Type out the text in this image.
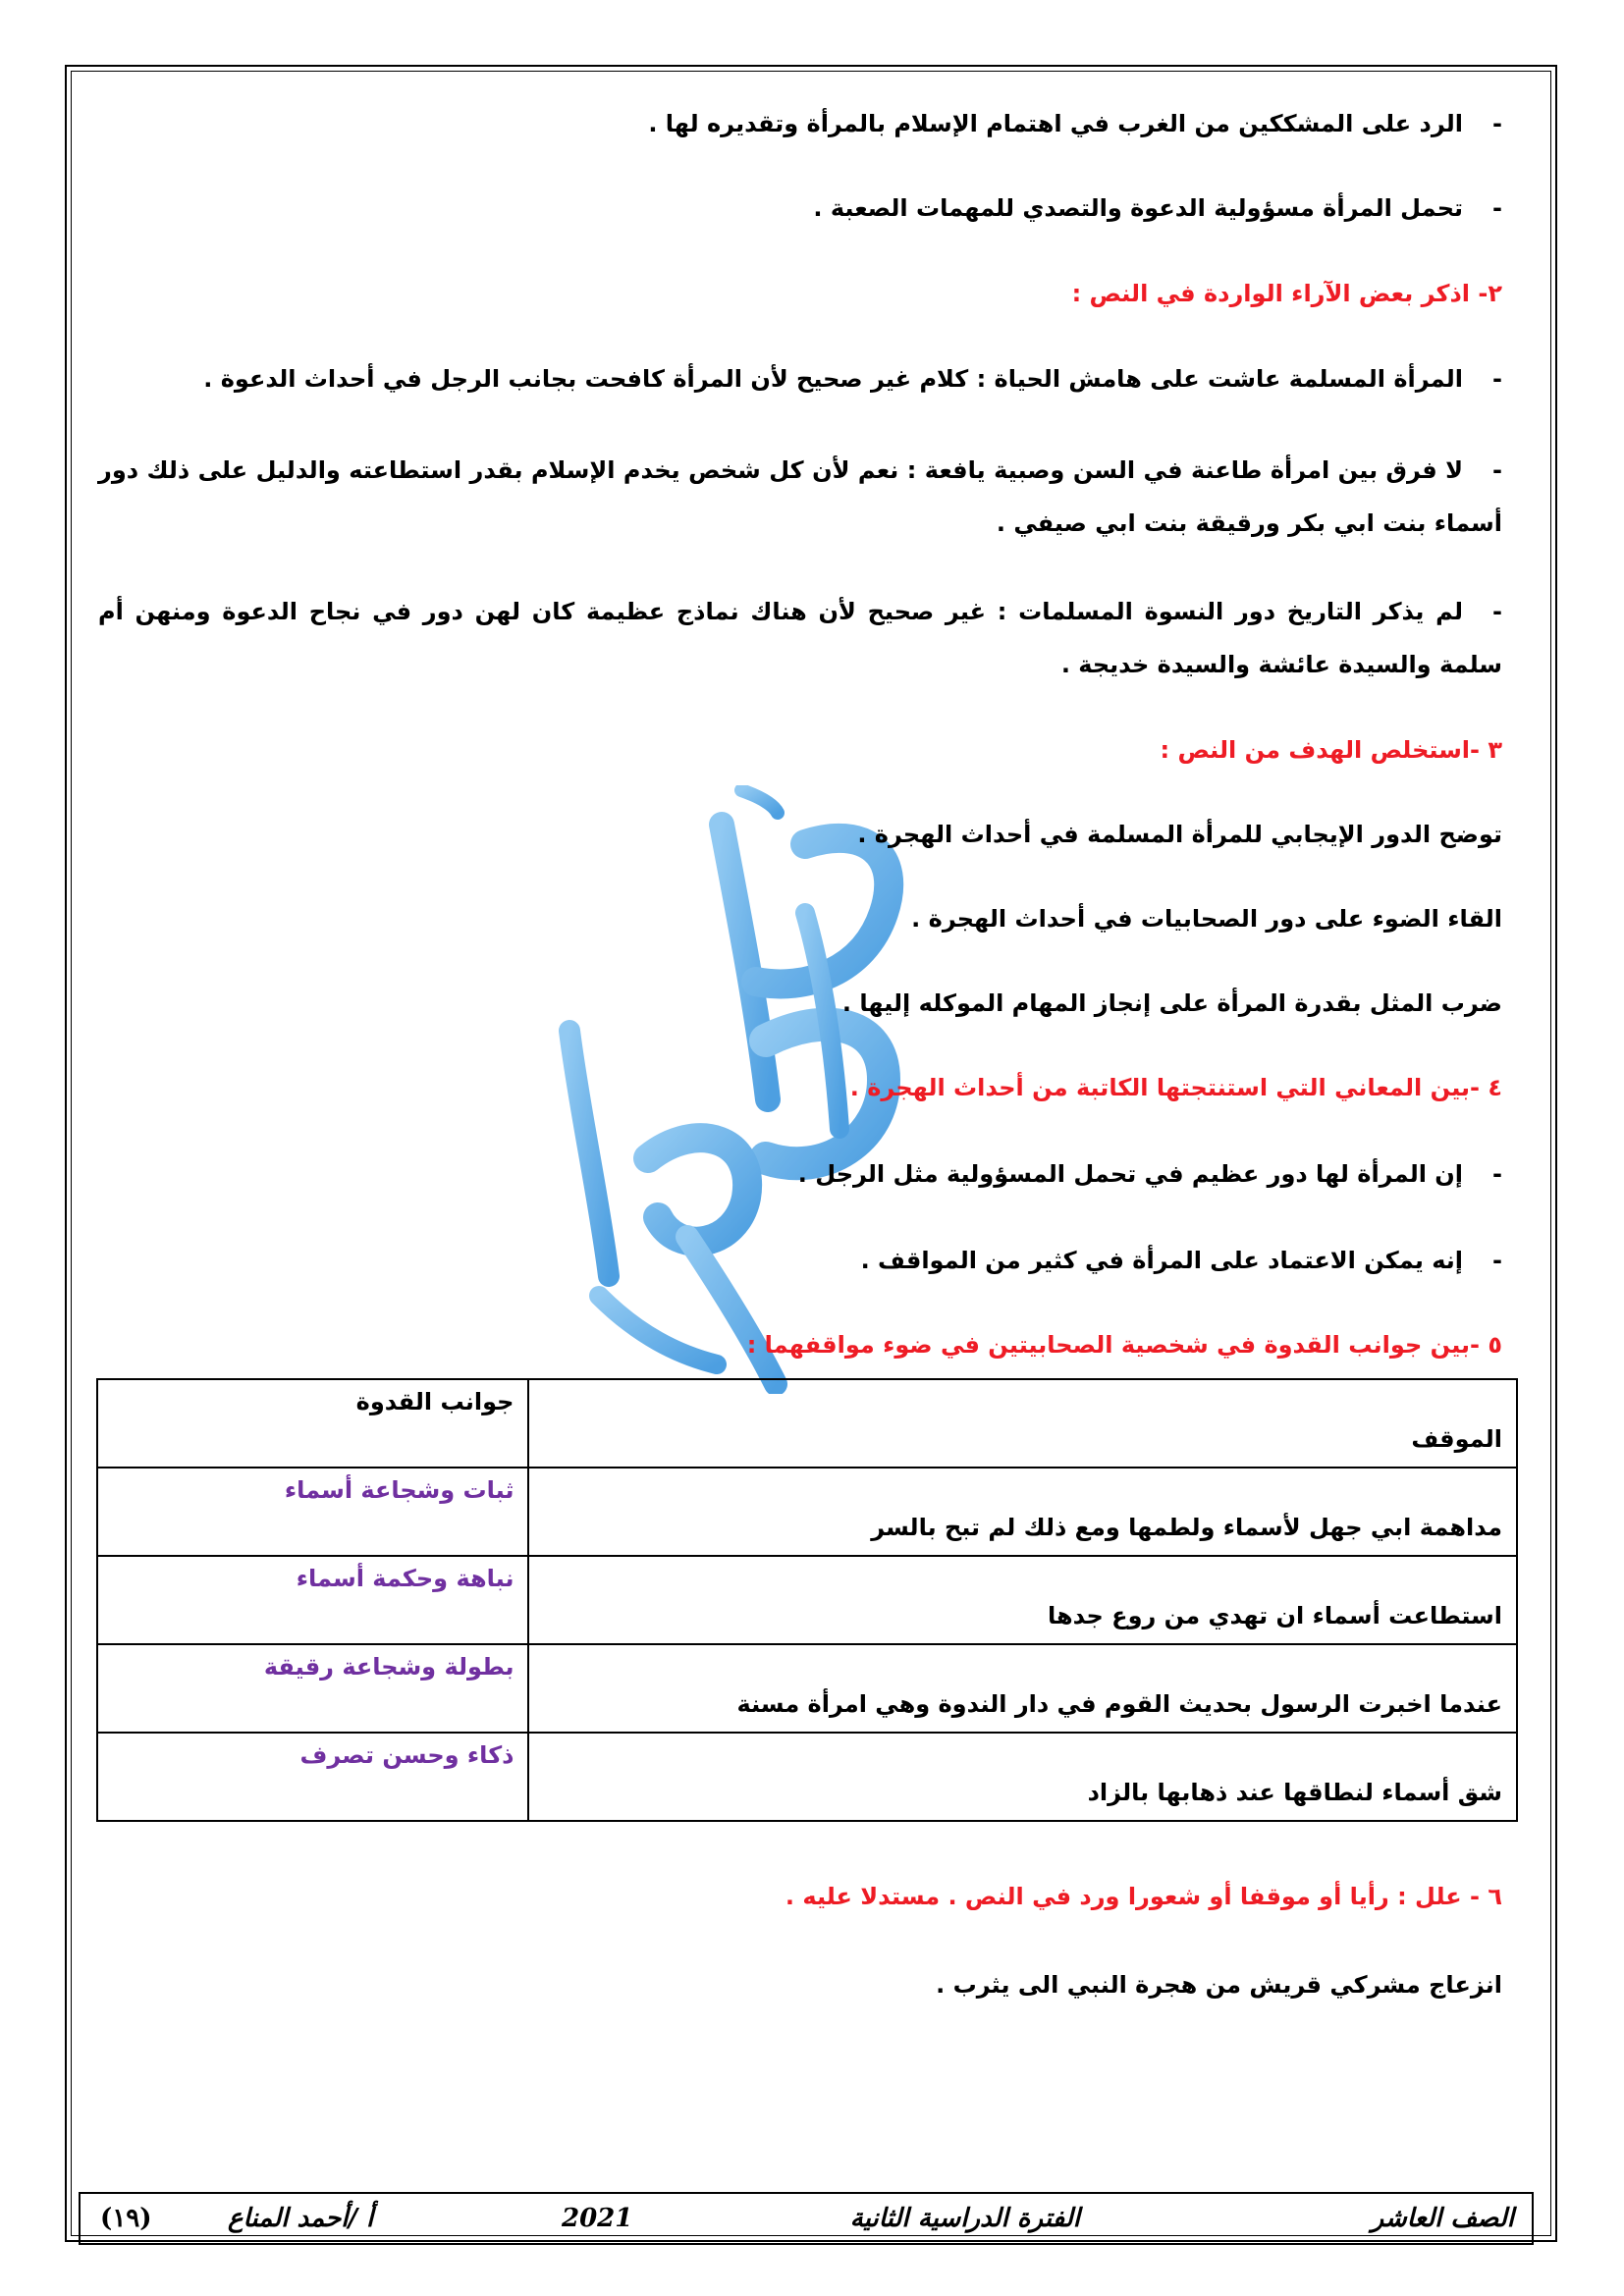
-الرد على المشككين من الغرب في اهتمام الإسلام بالمرأة وتقديره لها .
-تحمل المرأة مسؤولية الدعوة والتصدي للمهمات الصعبة .
٢- اذكر بعض الآراء الواردة في النص :
-المرأة المسلمة عاشت على هامش الحياة : كلام غير صحيح لأن المرأة كافحت بجانب الرجل في أحداث الدعوة .
-لا فرق بين امرأة طاعنة في السن وصبية يافعة : نعم لأن كل شخص يخدم الإسلام بقدر استطاعته والدليل على ذلك دور أسماء بنت ابي بكر ورقيقة بنت ابي صيفي .
-لم يذكر التاريخ دور النسوة المسلمات : غير صحيح لأن هناك نماذج عظيمة كان لهن دور في نجاح الدعوة ومنهن أم سلمة والسيدة عائشة والسيدة خديجة .
٣ -استخلص الهدف من النص :
توضح الدور الإيجابي للمرأة المسلمة في أحداث الهجرة .
القاء الضوء على دور الصحابيات في أحداث الهجرة .
ضرب المثل بقدرة المرأة على إنجاز المهام الموكله إليها .
٤ -بين المعاني التي استنتجتها الكاتبة من أحداث الهجرة .
-إن المرأة لها دور عظيم في تحمل المسؤولية مثل الرجل .
-إنه يمكن الاعتماد على المرأة في كثير من المواقف .
٥ -بين جوانب القدوة في شخصية الصحابيتين في ضوء مواقفهما :
٦ - علل : رأيا أو موقفا أو شعورا ورد في النص . مستدلا عليه .
انزعاج مشركي قريش من هجرة النبي الى يثرب .
الموقف	جوانب القدوة
مداهمة ابي جهل لأسماء ولطمها ومع ذلك لم تبح بالسر	ثبات وشجاعة أسماء
استطاعت أسماء ان تهدي من روع جدها	نباهة وحكمة أسماء
عندما اخبرت الرسول بحديث القوم في دار الندوة وهي امرأة مسنة	بطولة وشجاعة رقيقة
شق أسماء لنطاقها عند ذهابها بالزاد	ذكاء وحسن تصرف
الصف العاشر
الفترة الدراسية الثانية
2021
أ /أحمد المناع
(١٩)
